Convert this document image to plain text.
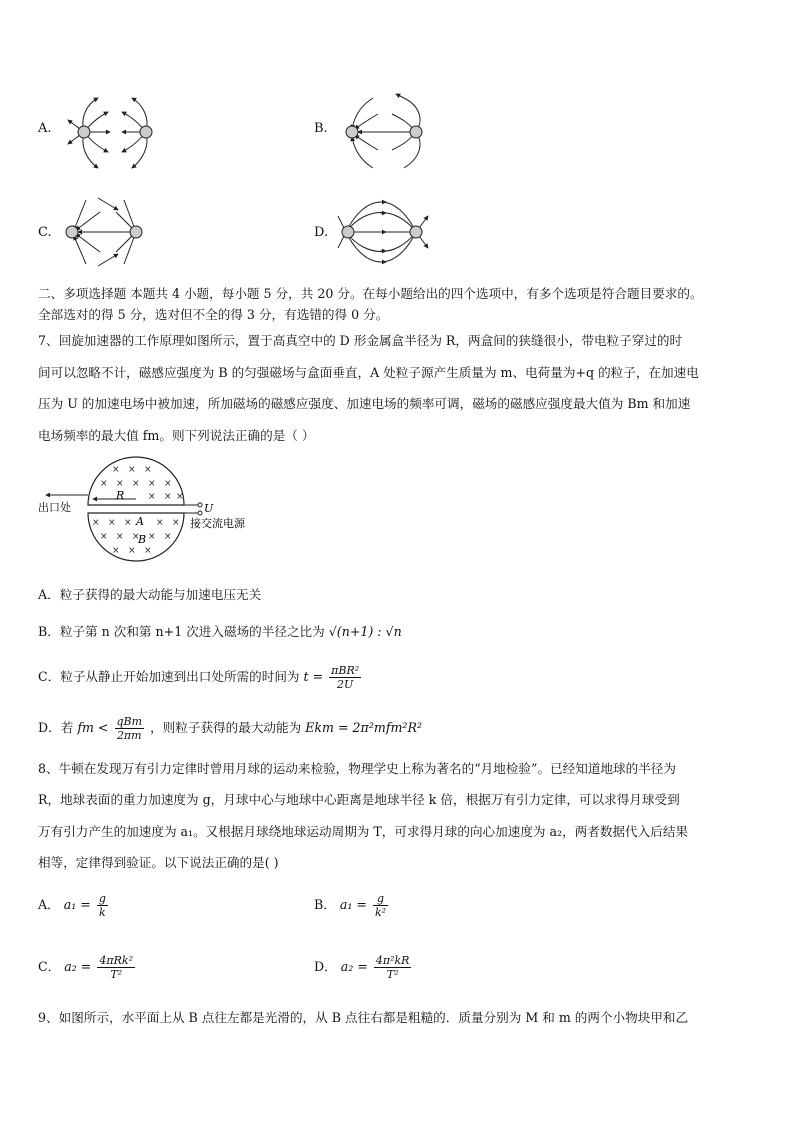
A.	B.
C.	D.
二、多项选择题 本题共 4 小题，每小题 5 分，共 20 分。在每小题给出的四个选项中，有多个选项是符合题目要求的。
全部选对的得 5 分，选对但不全的得 3 分，有选错的得 0 分。
7、回旋加速器的工作原理如图所示，置于高真空中的 D 形金属盒半径为 R，两盒间的狭缝很小，带电粒子穿过的时
间可以忽略不计，磁感应强度为 B 的匀强磁场与盒面垂直，A 处粒子源产生质量为 m、电荷量为+q 的粒子，在加速电
压为 U 的加速电场中被加速，所加磁场的磁感应强度、加速电场的频率可调，磁场的磁感应强度最大值为 Bm 和加速
电场频率的最大值 fm。则下列说法正确的是（ ）
× × ×
× × × × ×
× × ×
× × ×	× ×
× × × × ×
× × ×
出口处
接交流电源
U
R
A
B
A．粒子获得的最大动能与加速电压无关
B．粒子第 n 次和第 n+1 次进入磁场的半径之比为 √(n+1) : √n
C．粒子从静止开始加速到出口处所需的时间为 $t = \frac{\text{πBR²}}{2U}$
D．若 fm < $\frac{\text{qBm}}{2\pi m}$ ，则粒子获得的最大动能为 Ekm = 2π²mfm²R²
8、牛顿在发现万有引力定律时曾用月球的运动来检验，物理学史上称为著名的“月地检验”。已经知道地球的半径为
R，地球表面的重力加速度为 g，月球中心与地球中心距离是地球半径 k 倍，根据万有引力定律，可以求得月球受到
万有引力产生的加速度为 a₁。又根据月球绕地球运动周期为 T，可求得月球的向心加速度为 a₂，两者数据代入后结果
相等，定律得到验证。以下说法正确的是( )
A． $a_1 = \frac{g}{k}$	B． $a_1 = \frac{g}{\text{k²}}$
C． $a_2 = \frac{\text{4πRk²}}{\text{T²}}$	D． $a_2 = \frac{\text{4π²kR}}{\text{T²}}$
9、如图所示，水平面上从 B 点往左都是光滑的，从 B 点往右都是粗糙的．质量分别为 M 和 m 的两个小物块甲和乙
